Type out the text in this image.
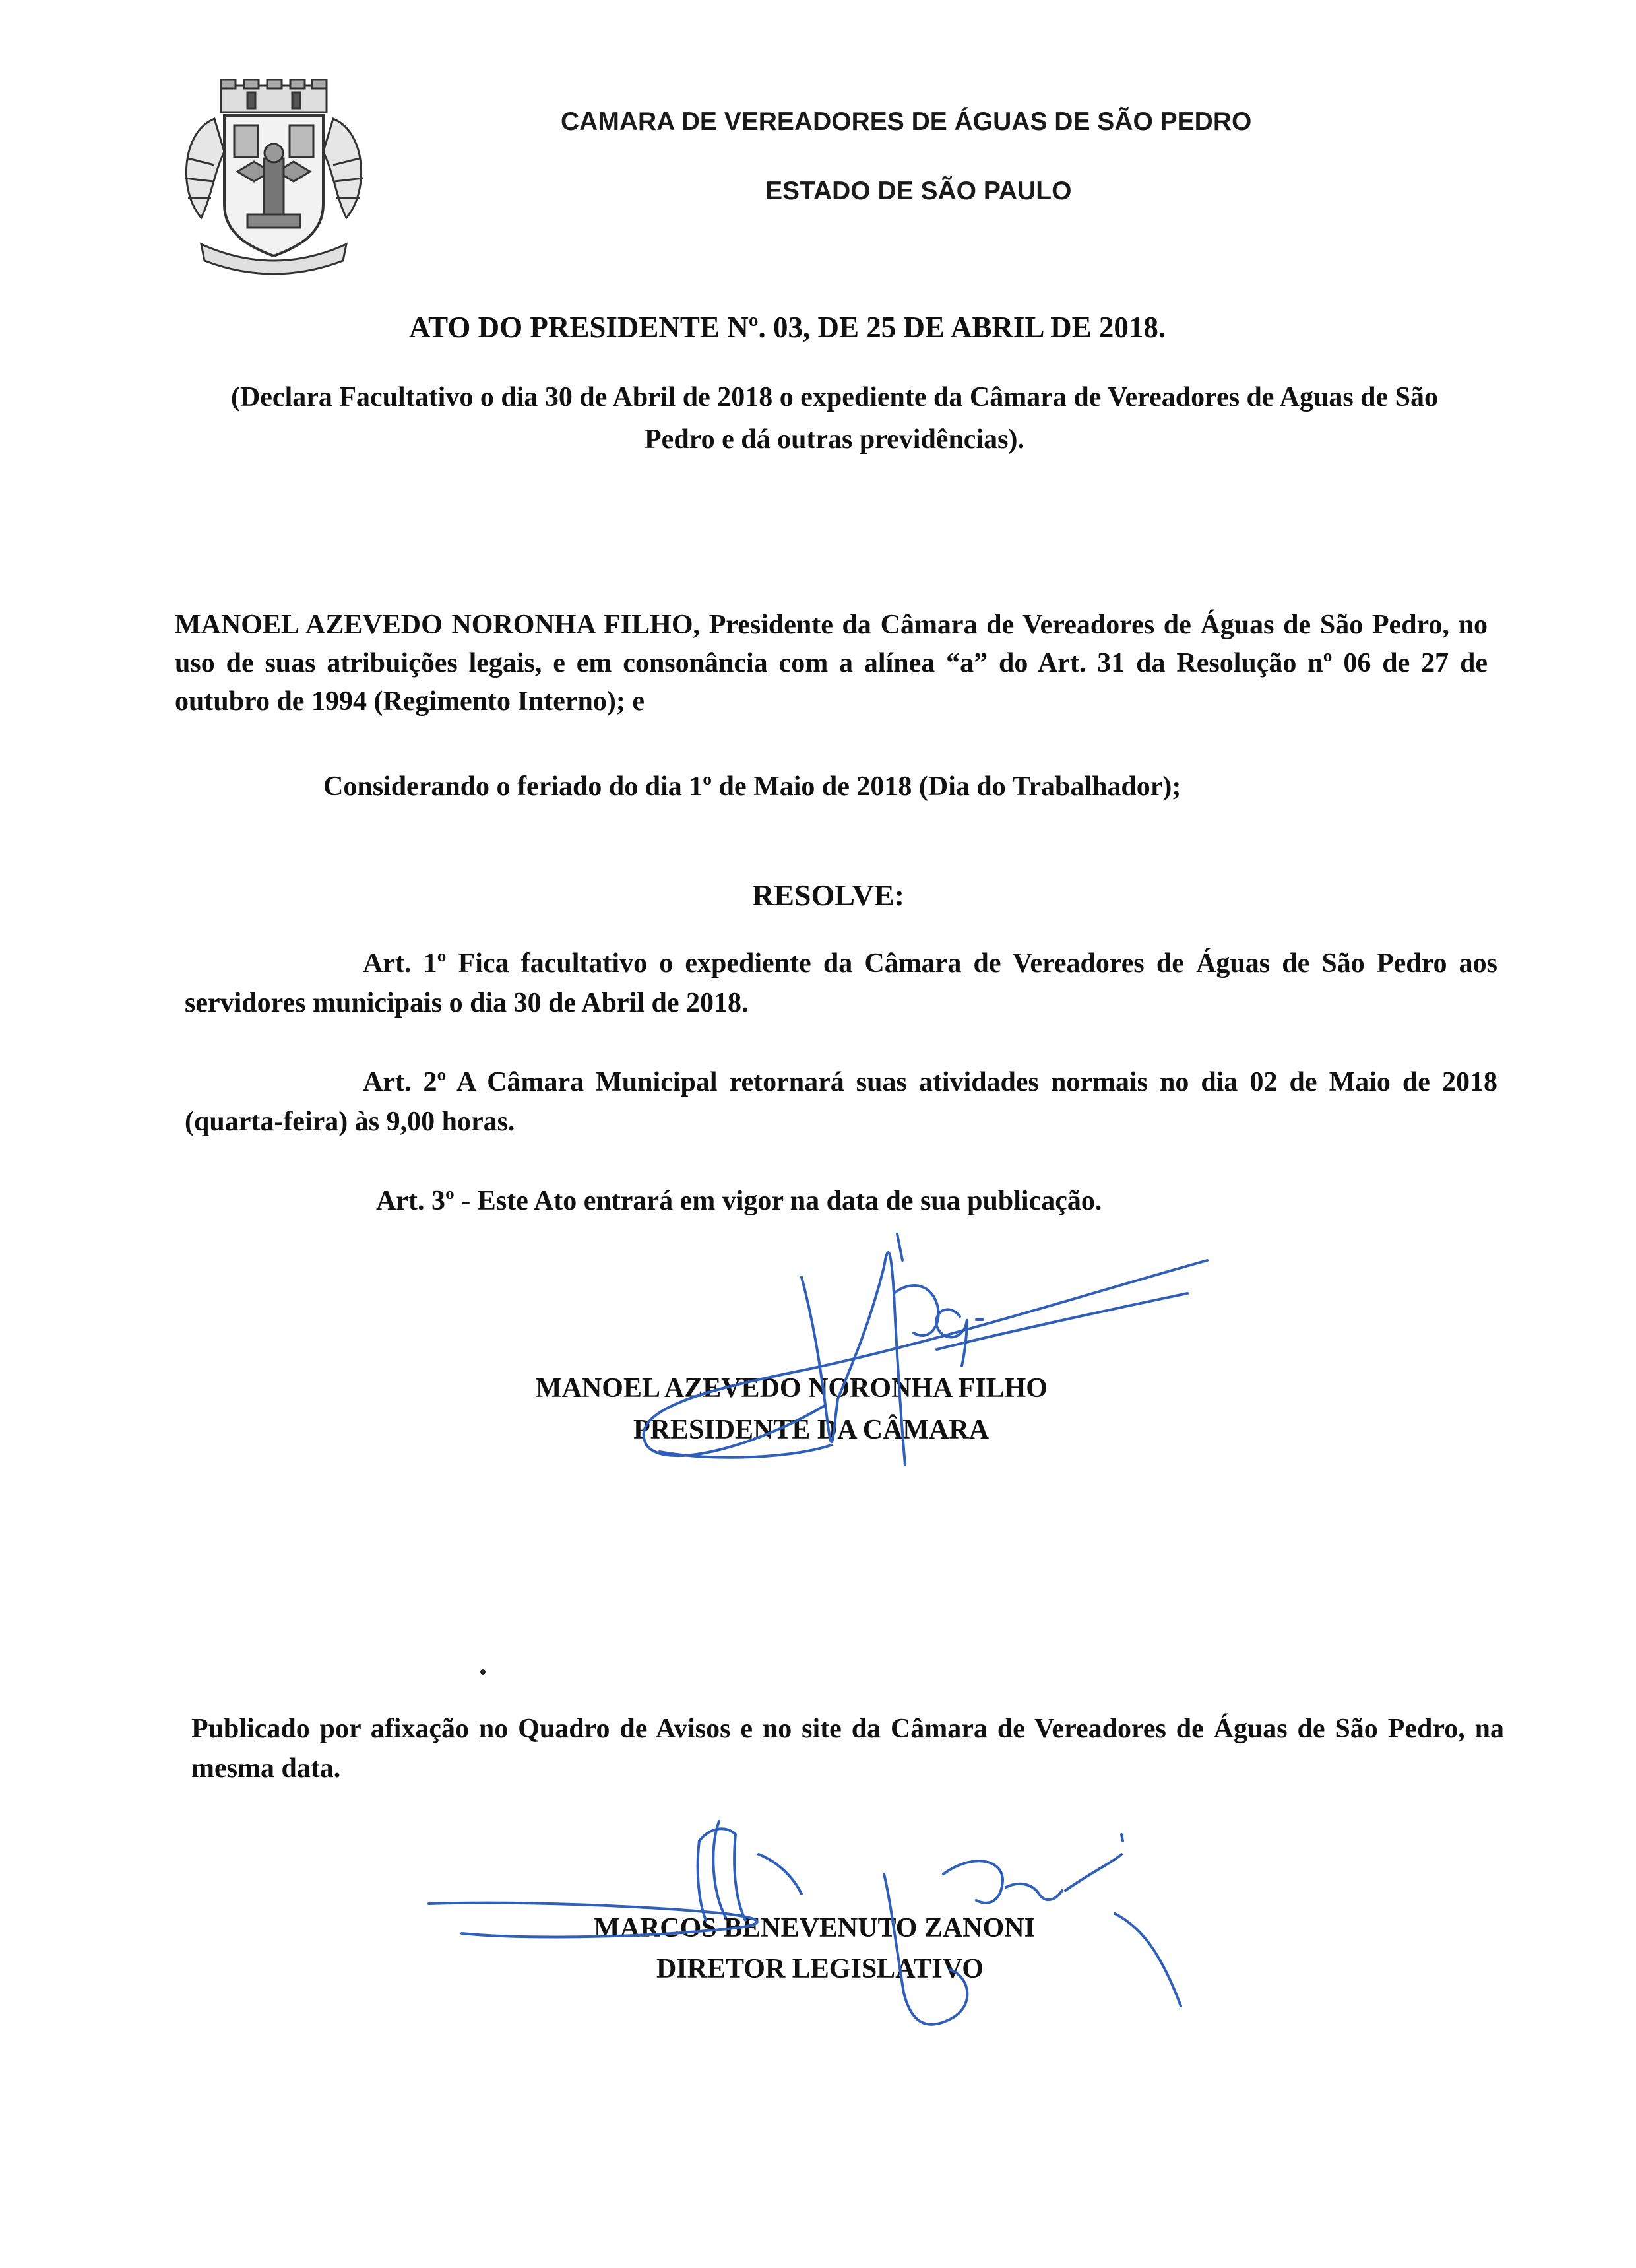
CAMARA DE VEREADORES DE ÁGUAS DE SÃO PEDRO
ESTADO DE SÃO PAULO
ATO DO PRESIDENTE Nº. 03, DE 25 DE ABRIL DE 2018.
(Declara Facultativo o dia 30 de Abril de 2018 o expediente da Câmara de Vereadores de Aguas de São Pedro e dá outras previdências).
MANOEL AZEVEDO NORONHA FILHO, Presidente da Câmara de Vereadores de Águas de São Pedro, no uso de suas atribuições legais, e em consonância com a alínea “a” do Art. 31 da Resolução nº 06 de 27 de outubro de 1994 (Regimento Interno); e
Considerando o feriado do dia 1º de Maio de 2018 (Dia do Trabalhador);
RESOLVE:
Art. 1º Fica facultativo o expediente da Câmara de Vereadores de Águas de São Pedro aos servidores municipais o dia 30 de Abril de 2018.
Art. 2º A Câmara Municipal retornará suas atividades normais no dia 02 de Maio de 2018 (quarta-feira) às 9,00 horas.
Art. 3º - Este Ato entrará em vigor na data de sua publicação.
MANOEL AZEVEDO NORONHA FILHO
PRESIDENTE DA CÂMARA
Publicado por afixação no Quadro de Avisos e no site da Câmara de Vereadores de Águas de São Pedro, na mesma data.
MARCOS BENEVENUTO ZANONI
DIRETOR LEGISLATIVO
